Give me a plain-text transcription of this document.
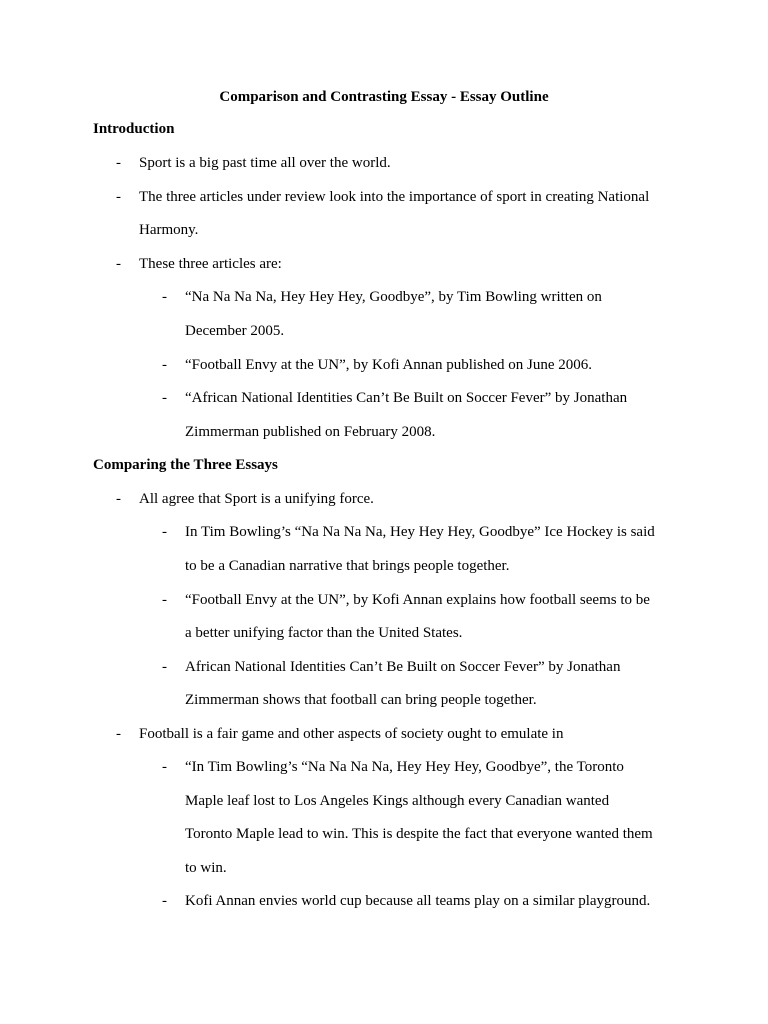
Comparison and Contrasting Essay - Essay Outline
Introduction
- Sport is a big past time all over the world.
- The three articles under review look into the importance of sport in creating National
Harmony.
- These three articles are:
- “Na Na Na Na, Hey Hey Hey, Goodbye”, by Tim Bowling written on
December 2005.
- “Football Envy at the UN”, by Kofi Annan published on June 2006.
- “African National Identities Can’t Be Built on Soccer Fever” by Jonathan
Zimmerman published on February 2008.
Comparing the Three Essays
- All agree that Sport is a unifying force.
- In Tim Bowling’s “Na Na Na Na, Hey Hey Hey, Goodbye” Ice Hockey is said
to be a Canadian narrative that brings people together.
- “Football Envy at the UN”, by Kofi Annan explains how football seems to be
a better unifying factor than the United States.
- African National Identities Can’t Be Built on Soccer Fever” by Jonathan
Zimmerman shows that football can bring people together.
- Football is a fair game and other aspects of society ought to emulate in
- “In Tim Bowling’s “Na Na Na Na, Hey Hey Hey, Goodbye”, the Toronto
Maple leaf lost to Los Angeles Kings although every Canadian wanted
Toronto Maple lead to win. This is despite the fact that everyone wanted them
to win.
- Kofi Annan envies world cup because all teams play on a similar playground.
